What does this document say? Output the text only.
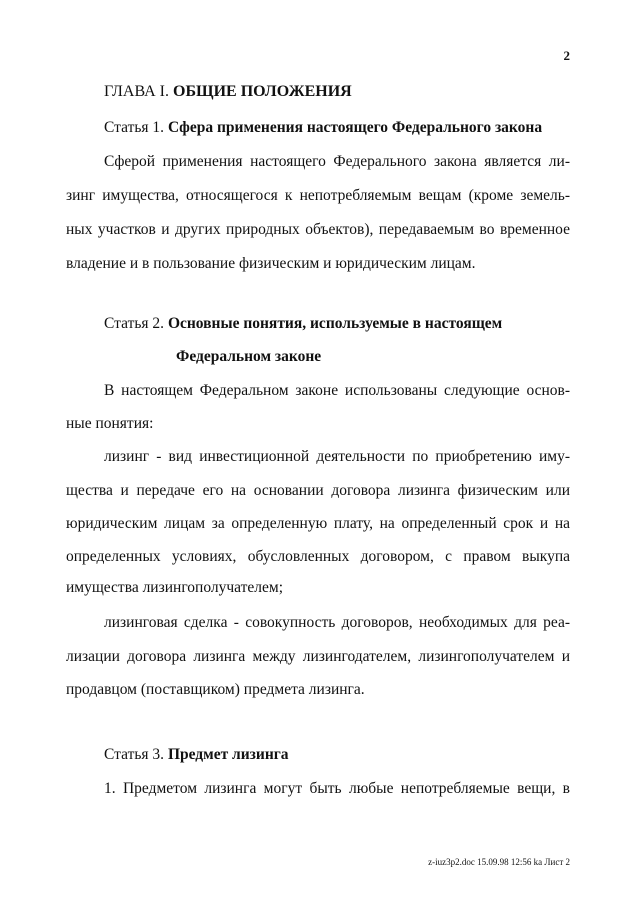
2
ГЛАВА I. ОБЩИЕ ПОЛОЖЕНИЯ
Статья 1. Сфера применения настоящего Федерального закона
Сферой применения настоящего Федерального закона является ли-
зинг имущества, относящегося к непотребляемым вещам (кроме земель-
ных участков и других природных объектов), передаваемым во временное
владение и в пользование физическим и юридическим лицам.
Статья 2. Основные понятия, используемые в настоящем
Федеральном законе
В настоящем Федеральном законе использованы следующие основ-
ные понятия:
лизинг - вид инвестиционной деятельности по приобретению иму-
щества и передаче его на основании договора лизинга физическим или
юридическим лицам за определенную плату, на определенный срок и на
определенных условиях, обусловленных договором, с правом выкупа
имущества лизингополучателем;
лизинговая сделка - совокупность договоров, необходимых для реа-
лизации договора лизинга между лизингодателем, лизингополучателем и
продавцом (поставщиком) предмета лизинга.
Статья 3. Предмет лизинга
1. Предметом лизинга могут быть любые непотребляемые вещи, в
z-iuz3p2.doc 15.09.98 12:56 ‌ka Лист 2
